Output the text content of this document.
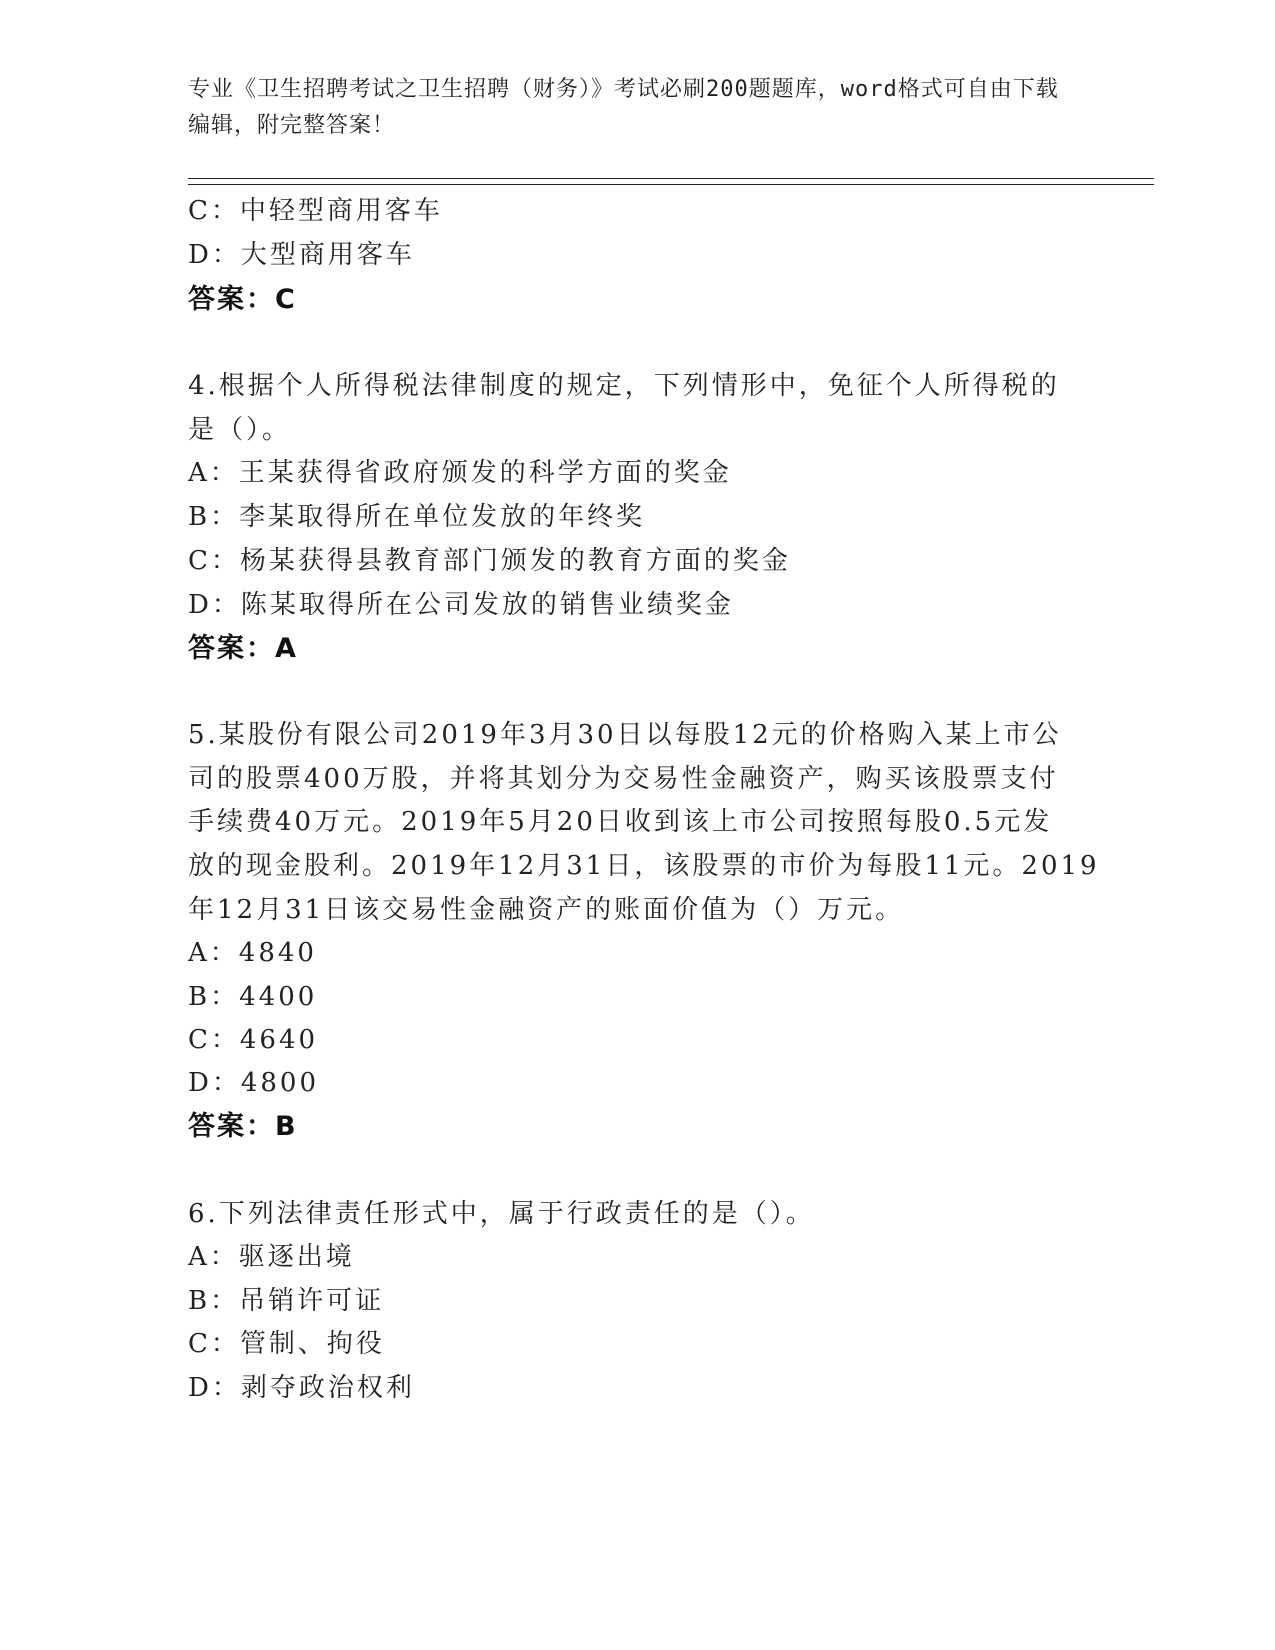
专业《卫生招聘考试之卫生招聘（财务）》考试必刷200题题库，word格式可自由下载编辑，附完整答案！
C：中轻型商用客车
D：大型商用客车
答案：C
4.根据个人所得税法律制度的规定，下列情形中，免征个人所得税的
是（）。
A：王某获得省政府颁发的科学方面的奖金
B：李某取得所在单位发放的年终奖
C：杨某获得县教育部门颁发的教育方面的奖金
D：陈某取得所在公司发放的销售业绩奖金
答案：A
5.某股份有限公司2019年3月30日以每股12元的价格购入某上市公
司的股票400万股，并将其划分为交易性金融资产，购买该股票支付
手续费40万元。2019年5月20日收到该上市公司按照每股0.5元发
放的现金股利。2019年12月31日，该股票的市价为每股11元。2019
年12月31日该交易性金融资产的账面价值为（）万元。
A：4840
B：4400
C：4640
D：4800
答案：B
6.下列法律责任形式中，属于行政责任的是（）。
A：驱逐出境
B：吊销许可证
C：管制、拘役
D：剥夺政治权利
